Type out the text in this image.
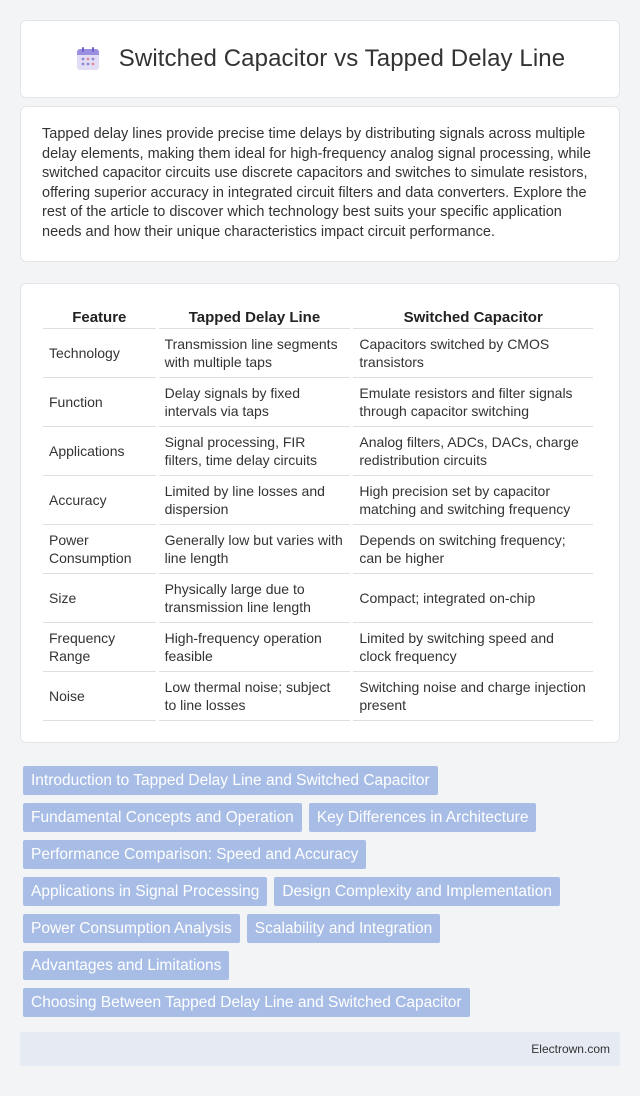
Switched Capacitor vs Tapped Delay Line

Tapped delay lines provide precise time delays by distributing signals across multiple delay elements, making them ideal for high-frequency analog signal processing, while switched capacitor circuits use discrete capacitors and switches to simulate resistors, offering superior accuracy in integrated circuit filters and data converters. Explore the rest of the article to discover which technology best suits your specific application needs and how their unique characteristics impact circuit performance.

Feature	Tapped Delay Line	Switched Capacitor
Technology	Transmission line segments with multiple taps	Capacitors switched by CMOS transistors
Function	Delay signals by fixed intervals via taps	Emulate resistors and filter signals through capacitor switching
Applications	Signal processing, FIR filters, time delay circuits	Analog filters, ADCs, DACs, charge redistribution circuits
Accuracy	Limited by line losses and dispersion	High precision set by capacitor matching and switching frequency
Power Consumption	Generally low but varies with line length	Depends on switching frequency; can be higher
Size	Physically large due to transmission line length	Compact; integrated on-chip
Frequency Range	High-frequency operation feasible	Limited by switching speed and clock frequency
Noise	Low thermal noise; subject to line losses	Switching noise and charge injection present
Introduction to Tapped Delay Line and Switched Capacitor
Fundamental Concepts and Operation	Key Differences in Architecture
Performance Comparison: Speed and Accuracy
Applications in Signal Processing	Design Complexity and Implementation
Power Consumption Analysis	Scalability and Integration
Advantages and Limitations
Choosing Between Tapped Delay Line and Switched Capacitor
Electrown.com
